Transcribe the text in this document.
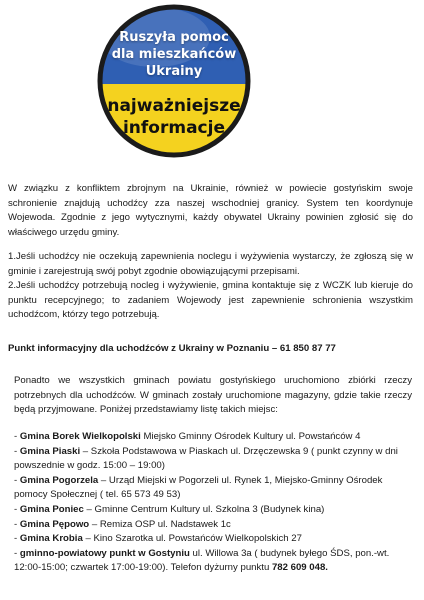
Ruszyła pomoc
dla mieszkańców
Ukrainy
najważniejsze
informacje

W związku z konfliktem zbrojnym na Ukrainie, również w powiecie gostyńskim swoje schronienie znajdują uchodźcy zza naszej wschodniej granicy. System ten koordynuje Wojewoda. Zgodnie z jego wytycznymi, każdy obywatel Ukrainy powinien zgłosić się do właściwego urzędu gminy.

1.Jeśli uchodźcy nie oczekują zapewnienia noclegu i wyżywienia wystarczy, że zgłoszą się w gminie i zarejestrują swój pobyt zgodnie obowiązującymi przepisami.

2.Jeśli uchodźcy potrzebują nocleg i wyżywienie, gmina kontaktuje się z WCZK lub kieruje do punktu recepcyjnego; to zadaniem Wojewody jest zapewnienie schronienia wszystkim uchodźcom, którzy tego potrzebują.

Punkt informacyjny dla uchodźców z Ukrainy w Poznaniu – 61 850 87 77

Ponadto we wszystkich gminach powiatu gostyńskiego uruchomiono zbiórki rzeczy potrzebnych dla uchodźców. W gminach zostały uruchomione magazyny, gdzie takie rzeczy będą przyjmowane. Poniżej przedstawiamy listę takich miejsc:

- Gmina Borek Wielkopolski Miejsko Gminny Ośrodek Kultury ul. Powstańców 4
- Gmina Piaski – Szkoła Podstawowa w Piaskach ul. Drzęczewska 9 ( punkt czynny w dni powszednie w godz. 15:00 – 19:00)
- Gmina Pogorzela – Urząd Miejski w Pogorzeli ul. Rynek 1, Miejsko-Gminny Ośrodek pomocy Społecznej ( tel. 65 573 49 53)
- Gmina Poniec – Gminne Centrum Kultury ul. Szkolna 3 (Budynek kina)
- Gmina Pępowo – Remiza OSP ul. Nadstawek 1c
- Gmina Krobia – Kino Szarotka ul. Powstańców Wielkopolskich 27
- gminno-powiatowy punkt w Gostyniu ul. Willowa 3a ( budynek byłego ŚDS, pon.-wt. 12:00-15:00; czwartek 17:00-19:00). Telefon dyżurny punktu 782 609 048.
